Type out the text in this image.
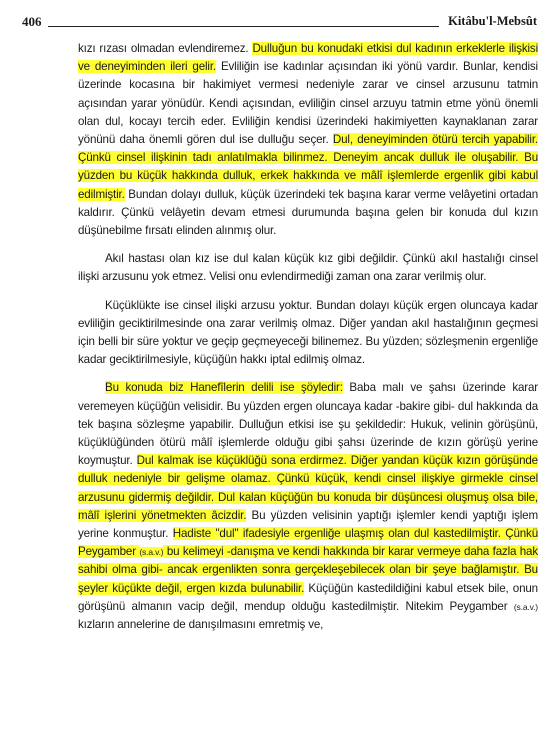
406	Kitâbu'l-Mebsût

kızı rızası olmadan evlendiremez. Dulluğun bu konudaki etkisi dul kadının erkeklerle ilişkisi ve deneyiminden ileri gelir. Evliliğin ise kadınlar açısından iki yönü vardır. Bunlar, kendisi üzerinde kocasına bir hakimiyet vermesi nedeniyle zarar ve cinsel arzusunu tatmin açısından yarar yönüdür. Kendi açısından, evliliğin cinsel arzuyu tatmin etme yönü önemli olan dul, kocayı tercih eder. Evliliğin kendisi üzerindeki hakimiyetten kaynaklanan zarar yönünü daha önemli gören dul ise dulluğu seçer. Dul, deneyiminden ötürü tercih yapabilir. Çünkü cinsel ilişkinin tadı anlatılmakla bilinmez. Deneyim ancak dulluk ile oluşabilir. Bu yüzden bu küçük hakkında dulluk, erkek hakkında ve mâlî işlemlerde ergenlik gibi kabul edilmiştir. Bundan dolayı dulluk, küçük üzerindeki tek başına karar verme velâyetini ortadan kaldırır. Çünkü velâyetin devam etmesi durumunda başına gelen bir konuda dul kızın düşünebilme fırsatı elinden alınmış olur.

Akıl hastası olan kız ise dul kalan küçük kız gibi değildir. Çünkü akıl hastalığı cinsel ilişki arzusunu yok etmez. Velisi onu evlendirmediği zaman ona zarar verilmiş olur.

Küçüklükte ise cinsel ilişki arzusu yoktur. Bundan dolayı küçük ergen oluncaya kadar evliliğin geciktirilmesinde ona zarar verilmiş olmaz. Diğer yandan akıl hastalığının geçmesi için belli bir süre yoktur ve geçip geçmeyeceği bilinemez. Bu yüzden; sözleşmenin ergenliğe kadar geciktirilmesiyle, küçüğün hakkı iptal edilmiş olmaz.

Bu konuda biz Hanefîlerin delili ise şöyledir: Baba malı ve şahsı üzerinde karar veremeyen küçüğün velisidir. Bu yüzden ergen oluncaya kadar -bakire gibi- dul hakkında da tek başına sözleşme yapabilir. Dulluğun etkisi ise şu şekildedir: Hukuk, velinin görüşünü, küçüklüğünden ötürü mâlî işlemlerde olduğu gibi şahsı üzerinde de kızın görüşü yerine koymuştur. Dul kalmak ise küçüklüğü sona erdirmez. Diğer yandan küçük kızın görüşünde dulluk nedeniyle bir gelişme olamaz. Çünkü küçük, kendi cinsel ilişkiye girmekle cinsel arzusunu gidermiş değildir. Dul kalan küçüğün bu konuda bir düşüncesi oluşmuş olsa bile, mâlî işlerini yönetmekten âcizdir. Bu yüzden velisinin yaptığı işlemler kendi yaptığı işlem yerine konmuştur. Hadiste "dul" ifadesiyle ergenliğe ulaşmış olan dul kastedilmiştir. Çünkü Peygamber (s.a.v.) bu kelimeyi -danışma ve kendi hakkında bir karar vermeye daha fazla hak sahibi olma gibi- ancak ergenlikten sonra gerçekleşebilecek olan bir şeye bağlamıştır. Bu şeyler küçükte değil, ergen kızda bulunabilir. Küçüğün kastedildiğini kabul etsek bile, onun görüşünü almanın vacip değil, mendup olduğu kastedilmiştir. Nitekim Peygamber (s.a.v.) kızların annelerine de danışılmasını emretmiş ve,
